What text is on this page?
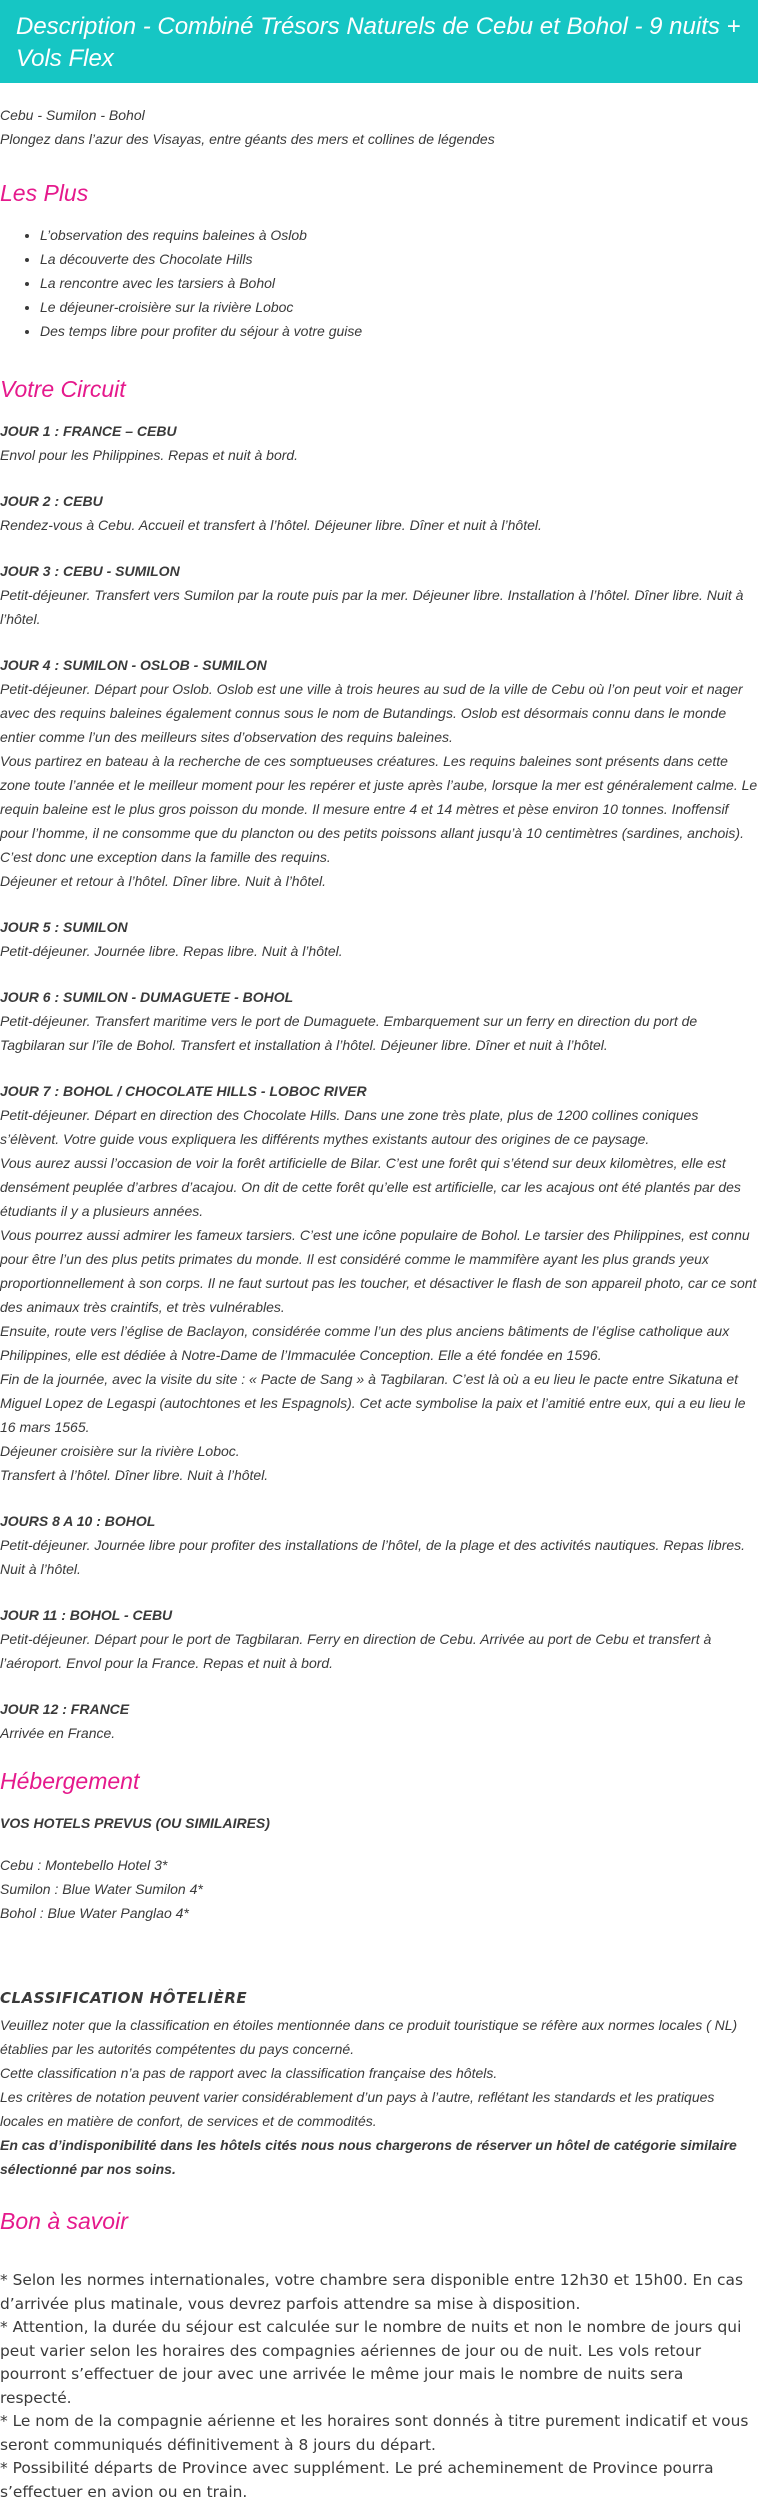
Description - Combiné Trésors Naturels de Cebu et Bohol - 9 nuits + Vols Flex
Cebu - Sumilon - Bohol
Plongez dans l’azur des Visayas, entre géants des mers et collines de légendes
Les Plus
• L’observation des requins baleines à Oslob
• La découverte des Chocolate Hills
• La rencontre avec les tarsiers à Bohol
• Le déjeuner-croisière sur la rivière Loboc
• Des temps libre pour profiter du séjour à votre guise
Votre Circuit
JOUR 1 : FRANCE – CEBU

Envol pour les Philippines. Repas et nuit à bord.

JOUR 2 : CEBU

Rendez-vous à Cebu. Accueil et transfert à l’hôtel. Déjeuner libre. Dîner et nuit à l’hôtel.

JOUR 3 : CEBU - SUMILON

Petit-déjeuner. Transfert vers Sumilon par la route puis par la mer. Déjeuner libre. Installation à l’hôtel. Dîner libre. Nuit à l’hôtel.

JOUR 4 : SUMILON - OSLOB - SUMILON

Petit-déjeuner. Départ pour Oslob. Oslob est une ville à trois heures au sud de la ville de Cebu où l’on peut voir et nager avec des requins baleines également connus sous le nom de Butandings. Oslob est désormais connu dans le monde entier comme l’un des meilleurs sites d’observation des requins baleines.

Vous partirez en bateau à la recherche de ces somptueuses créatures. Les requins baleines sont présents dans cette zone toute l’année et le meilleur moment pour les repérer et juste après l’aube, lorsque la mer est généralement calme. Le requin baleine est le plus gros poisson du monde. Il mesure entre 4 et 14 mètres et pèse environ 10 tonnes. Inoffensif pour l’homme, il ne consomme que du plancton ou des petits poissons allant jusqu’à 10 centimètres (sardines, anchois). C’est donc une exception dans la famille des requins.

Déjeuner et retour à l’hôtel. Dîner libre. Nuit à l’hôtel.

JOUR 5 : SUMILON

Petit-déjeuner. Journée libre. Repas libre. Nuit à l’hôtel.

JOUR 6 : SUMILON - DUMAGUETE - BOHOL

Petit-déjeuner. Transfert maritime vers le port de Dumaguete. Embarquement sur un ferry en direction du port de Tagbilaran sur l’île de Bohol. Transfert et installation à l’hôtel. Déjeuner libre. Dîner et nuit à l’hôtel.

JOUR 7 : BOHOL / CHOCOLATE HILLS - LOBOC RIVER

Petit-déjeuner. Départ en direction des Chocolate Hills. Dans une zone très plate, plus de 1200 collines coniques s’élèvent. Votre guide vous expliquera les différents mythes existants autour des origines de ce paysage.

Vous aurez aussi l’occasion de voir la forêt artificielle de Bilar. C’est une forêt qui s’étend sur deux kilomètres, elle est densément peuplée d’arbres d’acajou. On dit de cette forêt qu’elle est artificielle, car les acajous ont été plantés par des étudiants il y a plusieurs années.

Vous pourrez aussi admirer les fameux tarsiers. C’est une icône populaire de Bohol. Le tarsier des Philippines, est connu pour être l’un des plus petits primates du monde. Il est considéré comme le mammifère ayant les plus grands yeux proportionnellement à son corps. Il ne faut surtout pas les toucher, et désactiver le flash de son appareil photo, car ce sont des animaux très craintifs, et très vulnérables.

Ensuite, route vers l’église de Baclayon, considérée comme l’un des plus anciens bâtiments de l’église catholique aux Philippines, elle est dédiée à Notre-Dame de l’Immaculée Conception. Elle a été fondée en 1596.

Fin de la journée, avec la visite du site : « Pacte de Sang » à Tagbilaran. C’est là où a eu lieu le pacte entre Sikatuna et Miguel Lopez de Legaspi (autochtones et les Espagnols). Cet acte symbolise la paix et l’amitié entre eux, qui a eu lieu le 16 mars 1565.

Déjeuner croisière sur la rivière Loboc.

Transfert à l’hôtel. Dîner libre. Nuit à l’hôtel.

JOURS 8 A 10 : BOHOL

Petit-déjeuner. Journée libre pour profiter des installations de l’hôtel, de la plage et des activités nautiques. Repas libres. Nuit à l’hôtel.

JOUR 11 : BOHOL - CEBU

Petit-déjeuner. Départ pour le port de Tagbilaran. Ferry en direction de Cebu. Arrivée au port de Cebu et transfert à l’aéroport. Envol pour la France. Repas et nuit à bord.

JOUR 12 : FRANCE

Arrivée en France.

Hébergement
VOS HOTELS PREVUS (OU SIMILAIRES)
Cebu : Montebello Hotel 3*
Sumilon : Blue Water Sumilon 4*
Bohol : Blue Water Panglao 4*
CLASSIFICATION HÔTELIÈRE

Veuillez noter que la classification en étoiles mentionnée dans ce produit touristique se réfère aux normes locales ( NL) établies par les autorités compétentes du pays concerné.

Cette classification n’a pas de rapport avec la classification française des hôtels.

Les critères de notation peuvent varier considérablement d’un pays à l’autre, reflétant les standards et les pratiques locales en matière de confort, de services et de commodités.

En cas d’indisponibilité dans les hôtels cités nous nous chargerons de réserver un hôtel de catégorie similaire sélectionné par nos soins.

Bon à savoir

* Selon les normes internationales, votre chambre sera disponible entre 12h30 et 15h00. En cas d’arrivée plus matinale, vous devrez parfois attendre sa mise à disposition.

* Attention, la durée du séjour est calculée sur le nombre de nuits et non le nombre de jours qui peut varier selon les horaires des compagnies aériennes de jour ou de nuit. Les vols retour pourront s’effectuer de jour avec une arrivée le même jour mais le nombre de nuits sera respecté.

* Le nom de la compagnie aérienne et les horaires sont donnés à titre purement indicatif et vous seront communiqués définitivement à 8 jours du départ.

* Possibilité départs de Province avec supplément. Le pré acheminement de Province pourra s’effectuer en avion ou en train.
